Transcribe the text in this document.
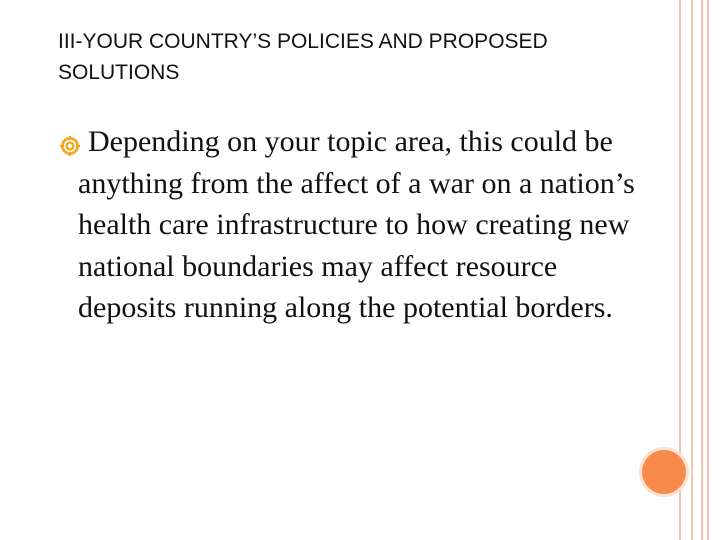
III-YOUR COUNTRY’S POLICIES AND PROPOSED SOLUTIONS
Depending on your topic area, this could be anything from the affect of a war on a nation’s health care infrastructure to how creating new national boundaries may affect resource deposits running along the potential borders.
